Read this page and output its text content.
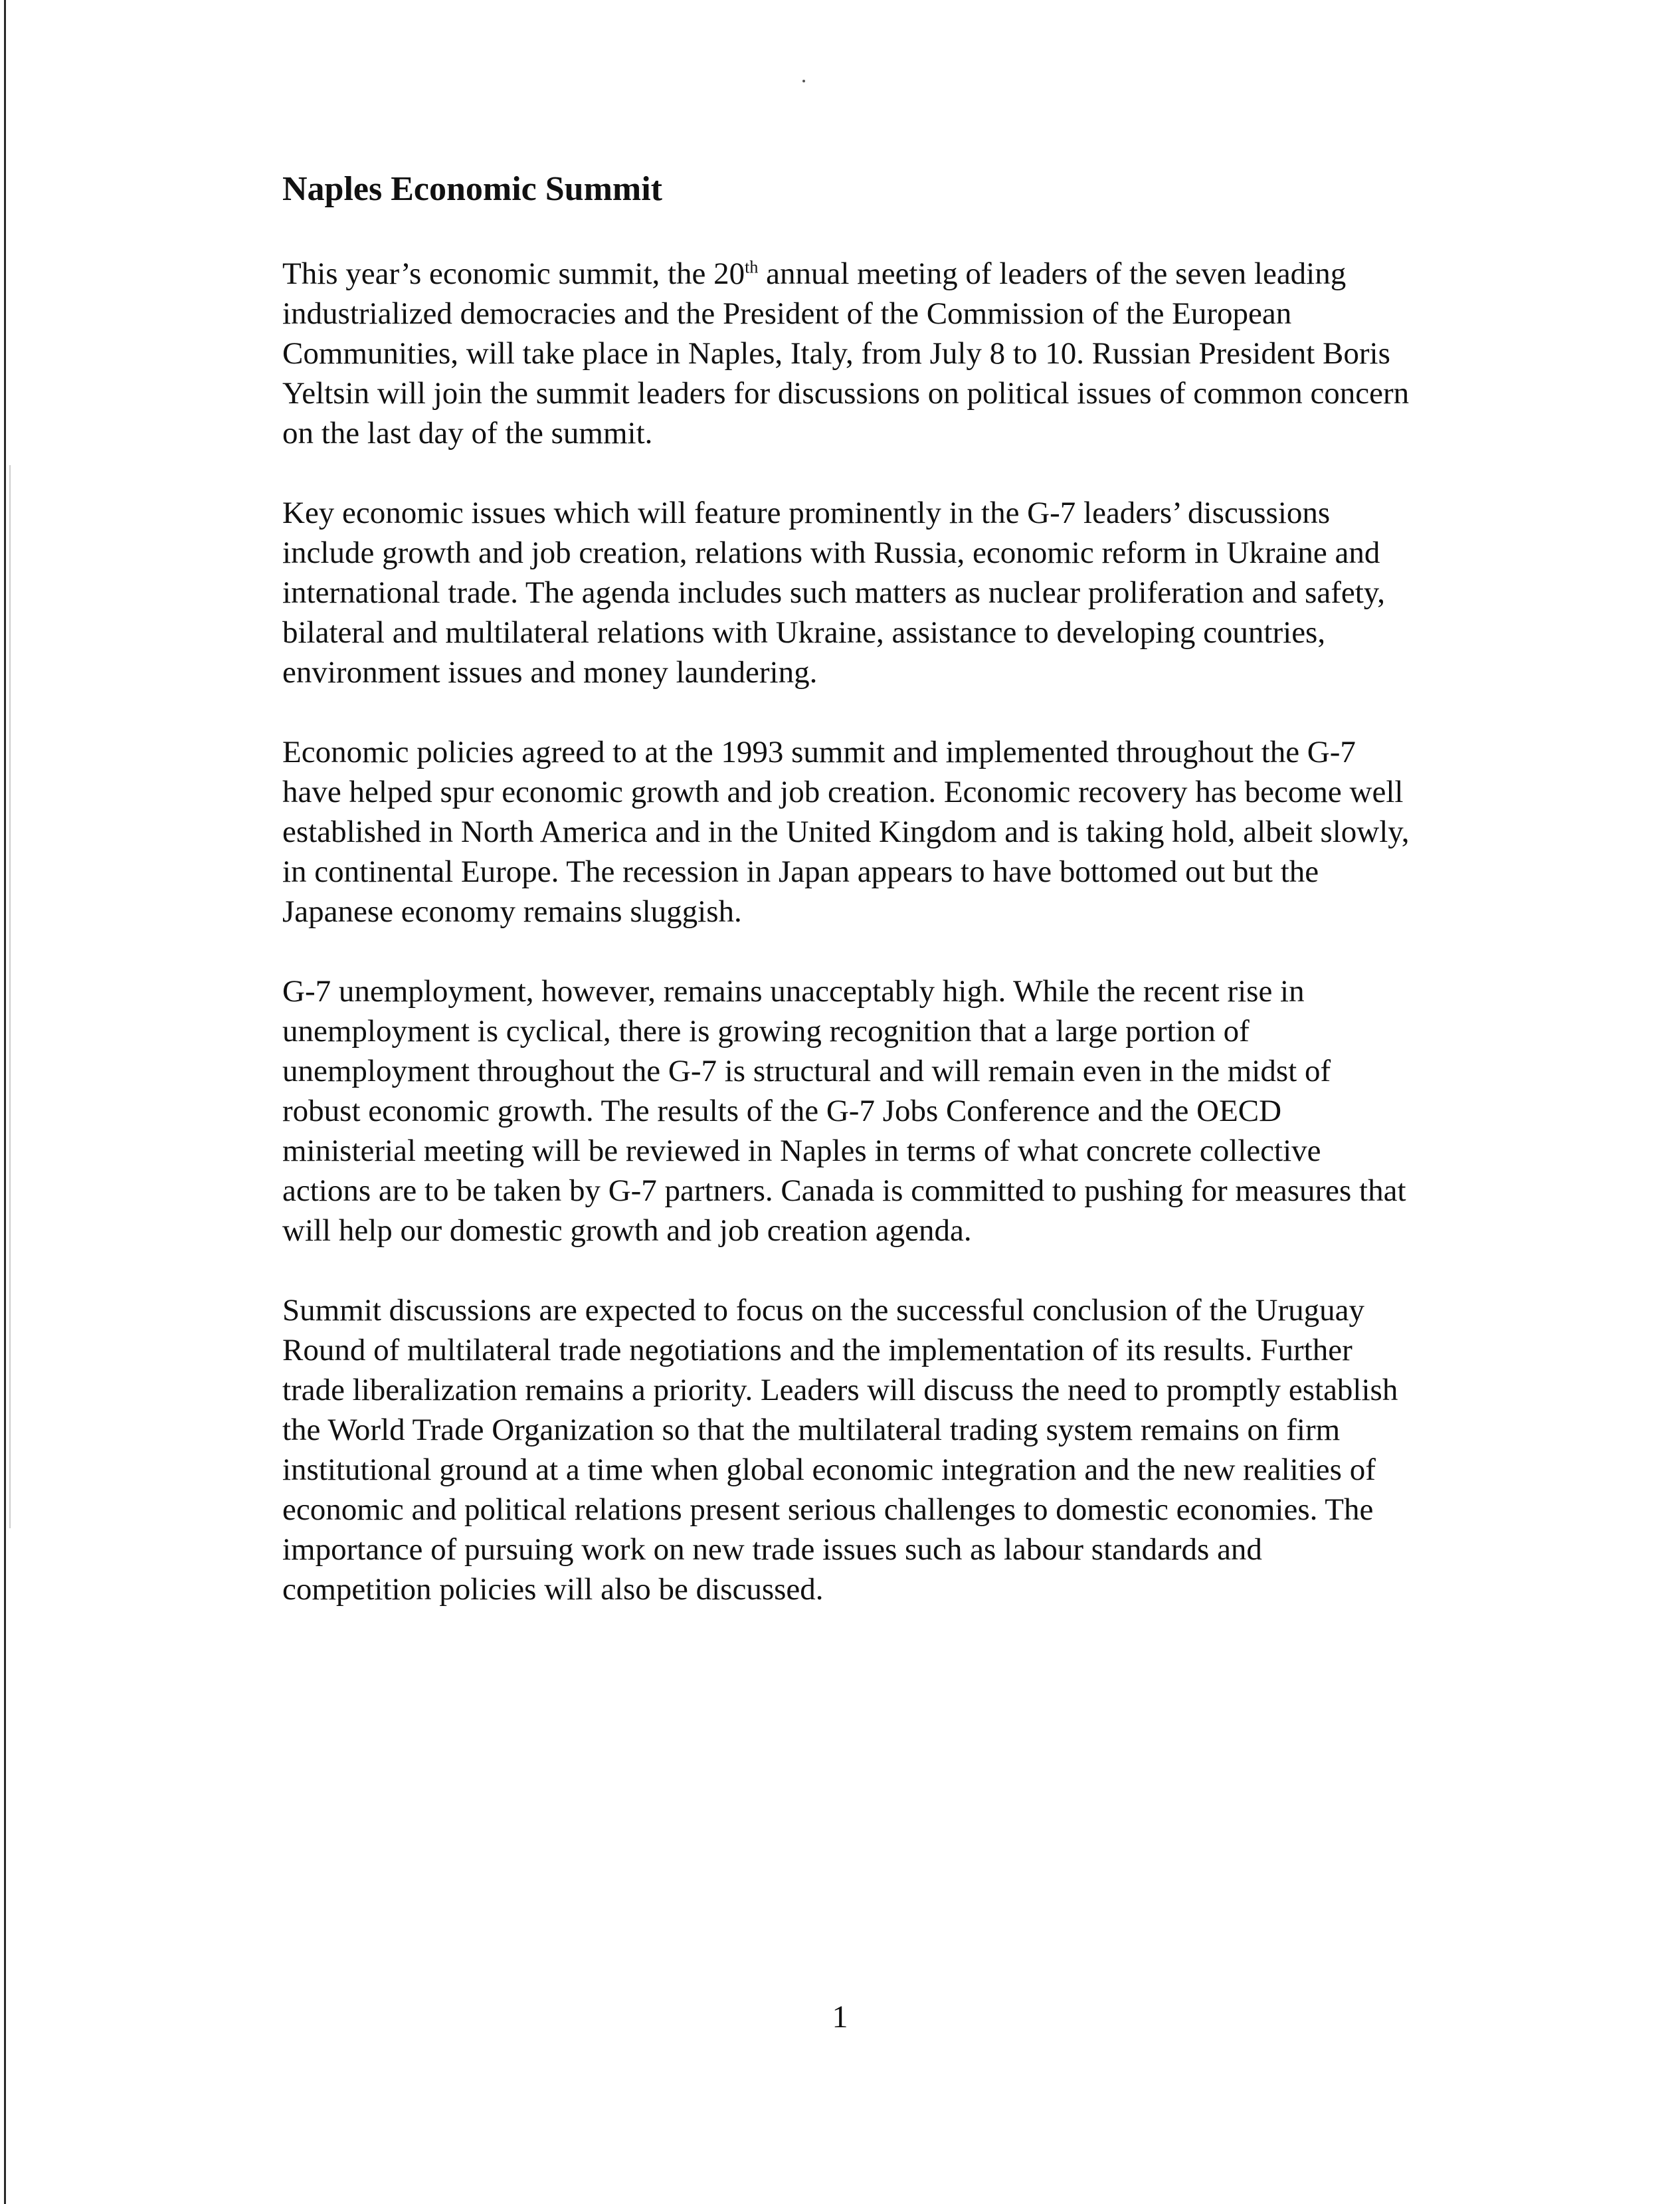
Naples Economic Summit

This year’s economic summit, the 20th annual meeting of leaders of the seven leading industrialized democracies and the President of the Commission of the European Communities, will take place in Naples, Italy, from July 8 to 10. Russian President Boris Yeltsin will join the summit leaders for discussions on political issues of common concern on the last day of the summit.

Key economic issues which will feature prominently in the G-7 leaders’ discussions include growth and job creation, relations with Russia, economic reform in Ukraine and international trade. The agenda includes such matters as nuclear proliferation and safety, bilateral and multilateral relations with Ukraine, assistance to developing countries, environment issues and money laundering.

Economic policies agreed to at the 1993 summit and implemented throughout the G-7 have helped spur economic growth and job creation. Economic recovery has become well established in North America and in the United Kingdom and is taking hold, albeit slowly, in continental Europe. The recession in Japan appears to have bottomed out but the Japanese economy remains sluggish.

G-7 unemployment, however, remains unacceptably high. While the recent rise in unemployment is cyclical, there is growing recognition that a large portion of unemployment throughout the G-7 is structural and will remain even in the midst of robust economic growth. The results of the G-7 Jobs Conference and the OECD ministerial meeting will be reviewed in Naples in terms of what concrete collective actions are to be taken by G-7 partners. Canada is committed to pushing for measures that will help our domestic growth and job creation agenda.

Summit discussions are expected to focus on the successful conclusion of the Uruguay Round of multilateral trade negotiations and the implementation of its results. Further trade liberalization remains a priority. Leaders will discuss the need to promptly establish the World Trade Organization so that the multilateral trading system remains on firm institutional ground at a time when global economic integration and the new realities of economic and political relations present serious challenges to domestic economies. The importance of pursuing work on new trade issues such as labour standards and competition policies will also be discussed.

1
